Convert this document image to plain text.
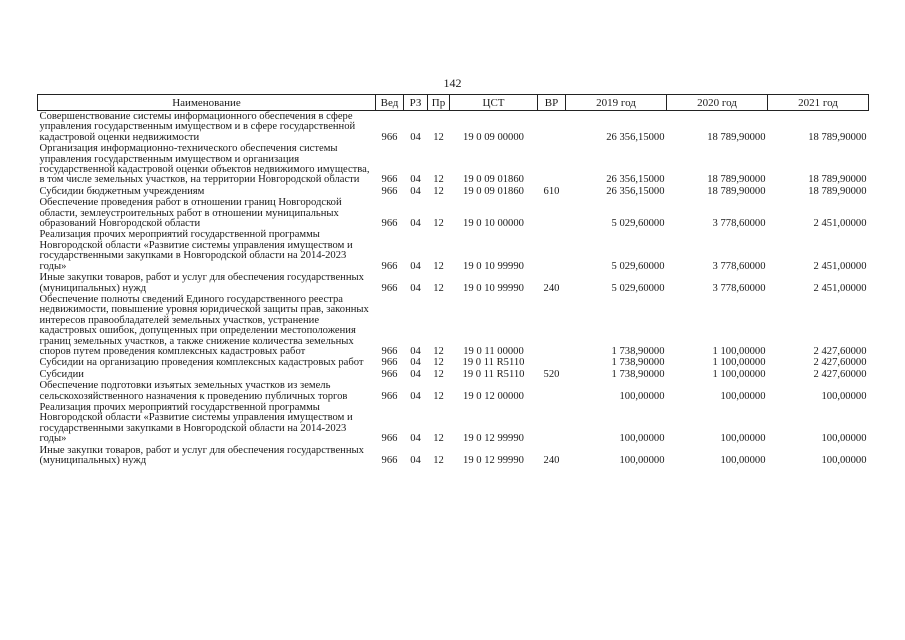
142
Наименование	Вед	РЗ	Пр	ЦСТ	ВР	2019 год	2020 год	2021 год
Совершенствование системы информационного обеспечения в сфере управления государственным имуществом и в сфере государственной кадастровой оценки недвижимости	966	04	12	19 0 09 00000		26 356,15000	18 789,90000	18 789,90000
Организация информационно-технического обеспечения системы управления государственным имуществом и организация государственной кадастровой оценки объектов недвижимого имущества, в том числе земельных участков, на территории Новгородской области	966	04	12	19 0 09 01860		26 356,15000	18 789,90000	18 789,90000
Субсидии бюджетным учреждениям	966	04	12	19 0 09 01860	610	26 356,15000	18 789,90000	18 789,90000
Обеспечение проведения работ в отношении границ Новгородской области, землеустроительных работ в отношении муниципальных образований Новгородской области	966	04	12	19 0 10 00000		5 029,60000	3 778,60000	2 451,00000
Реализация прочих мероприятий государственной программы Новгородской области «Развитие системы управления имуществом и государственными закупками в Новгородской области на 2014-2023 годы»	966	04	12	19 0 10 99990		5 029,60000	3 778,60000	2 451,00000
Иные закупки товаров, работ и услуг для обеспечения государственных (муниципальных) нужд	966	04	12	19 0 10 99990	240	5 029,60000	3 778,60000	2 451,00000
Обеспечение полноты сведений Единого государственного реестра недвижимости, повышение уровня юридической защиты прав, законных интересов правообладателей земельных участков, устранение кадастровых ошибок, допущенных при определении местоположения границ земельных участков, а также снижение количества земельных споров путем проведения комплексных кадастровых работ	966	04	12	19 0 11 00000		1 738,90000	1 100,00000	2 427,60000
Субсидии на организацию проведения комплексных кадастровых работ	966	04	12	19 0 11 R5110		1 738,90000	1 100,00000	2 427,60000
Субсидии	966	04	12	19 0 11 R5110	520	1 738,90000	1 100,00000	2 427,60000
Обеспечение подготовки изъятых земельных участков из земель сельскохозяйственного назначения к проведению публичных торгов	966	04	12	19 0 12 00000		100,00000	100,00000	100,00000
Реализация прочих мероприятий государственной программы Новгородской области «Развитие системы управления имуществом и государственными закупками в Новгородской области на 2014-2023 годы»	966	04	12	19 0 12 99990		100,00000	100,00000	100,00000
Иные закупки товаров, работ и услуг для обеспечения государственных (муниципальных) нужд	966	04	12	19 0 12 99990	240	100,00000	100,00000	100,00000
